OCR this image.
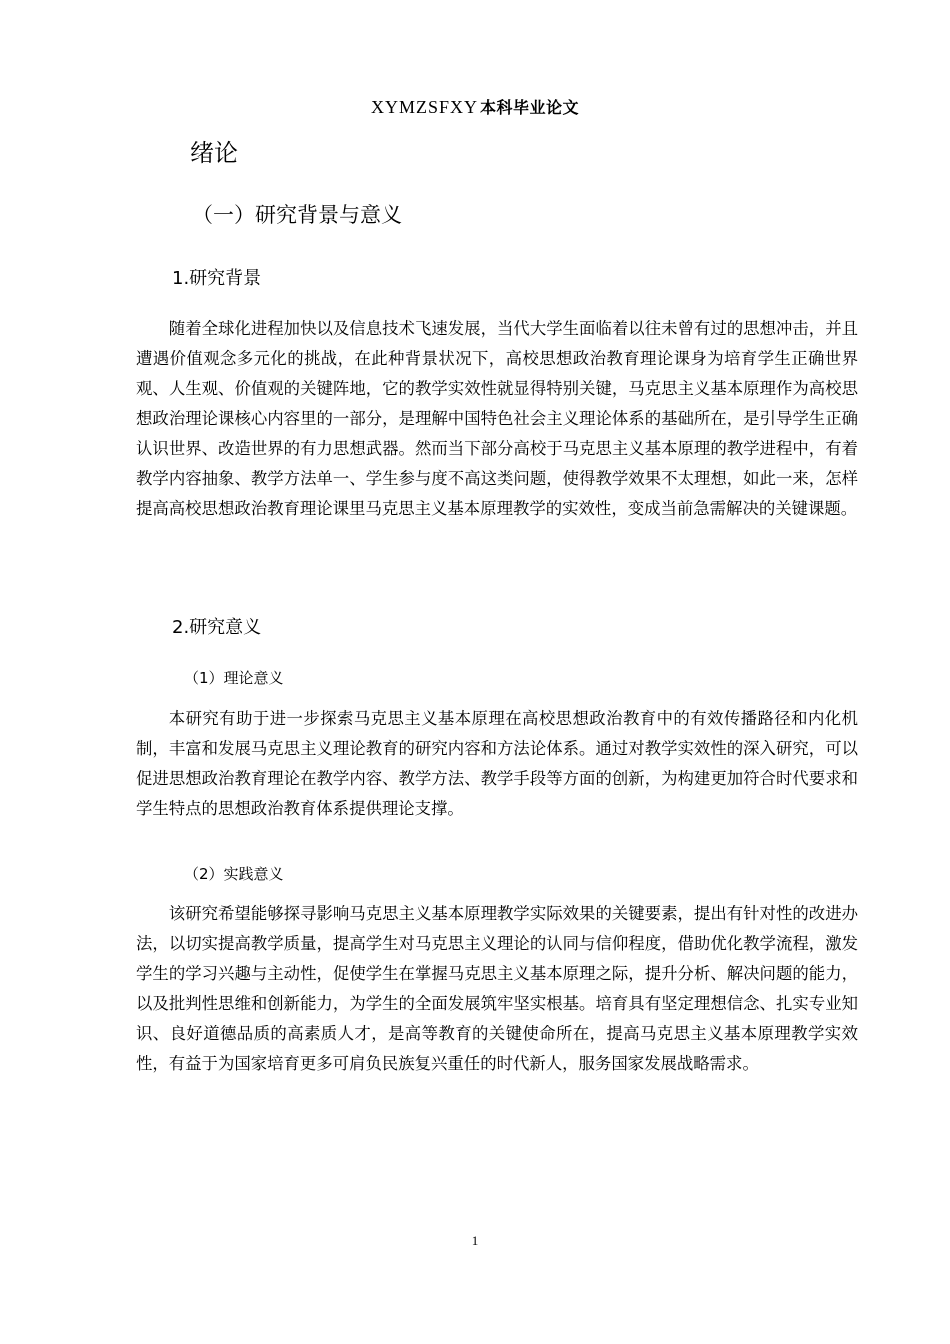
XYMZSFXY 本科毕业论文
绪论
（一）研究背景与意义
1.研究背景

随着全球化进程加快以及信息技术飞速发展，当代大学生面临着以往未曾有过的思想冲击，并且遭遇价值观念多元化的挑战，在此种背景状况下，高校思想政治教育理论课身为培育学生正确世界观、人生观、价值观的关键阵地，它的教学实效性就显得特别关键，马克思主义基本原理作为高校思想政治理论课核心内容里的一部分，是理解中国特色社会主义理论体系的基础所在，是引导学生正确认识世界、改造世界的有力思想武器。然而当下部分高校于马克思主义基本原理的教学进程中，有着教学内容抽象、教学方法单一、学生参与度不高这类问题，使得教学效果不太理想，如此一来，怎样提高高校思想政治教育理论课里马克思主义基本原理教学的实效性，变成当前急需解决的关键课题。

2.研究意义
（1）理论意义

本研究有助于进一步探索马克思主义基本原理在高校思想政治教育中的有效传播路径和内化机制，丰富和发展马克思主义理论教育的研究内容和方法论体系。通过对教学实效性的深入研究，可以促进思想政治教育理论在教学内容、教学方法、教学手段等方面的创新，为构建更加符合时代要求和学生特点的思想政治教育体系提供理论支撑。

（2）实践意义

该研究希望能够探寻影响马克思主义基本原理教学实际效果的关键要素，提出有针对性的改进办法，以切实提高教学质量，提高学生对马克思主义理论的认同与信仰程度，借助优化教学流程，激发学生的学习兴趣与主动性，促使学生在掌握马克思主义基本原理之际，提升分析、解决问题的能力，以及批判性思维和创新能力，为学生的全面发展筑牢坚实根基。培育具有坚定理想信念、扎实专业知识、良好道德品质的高素质人才，是高等教育的关键使命所在，提高马克思主义基本原理教学实效性，有益于为国家培育更多可肩负民族复兴重任的时代新人，服务国家发展战略需求。

1
